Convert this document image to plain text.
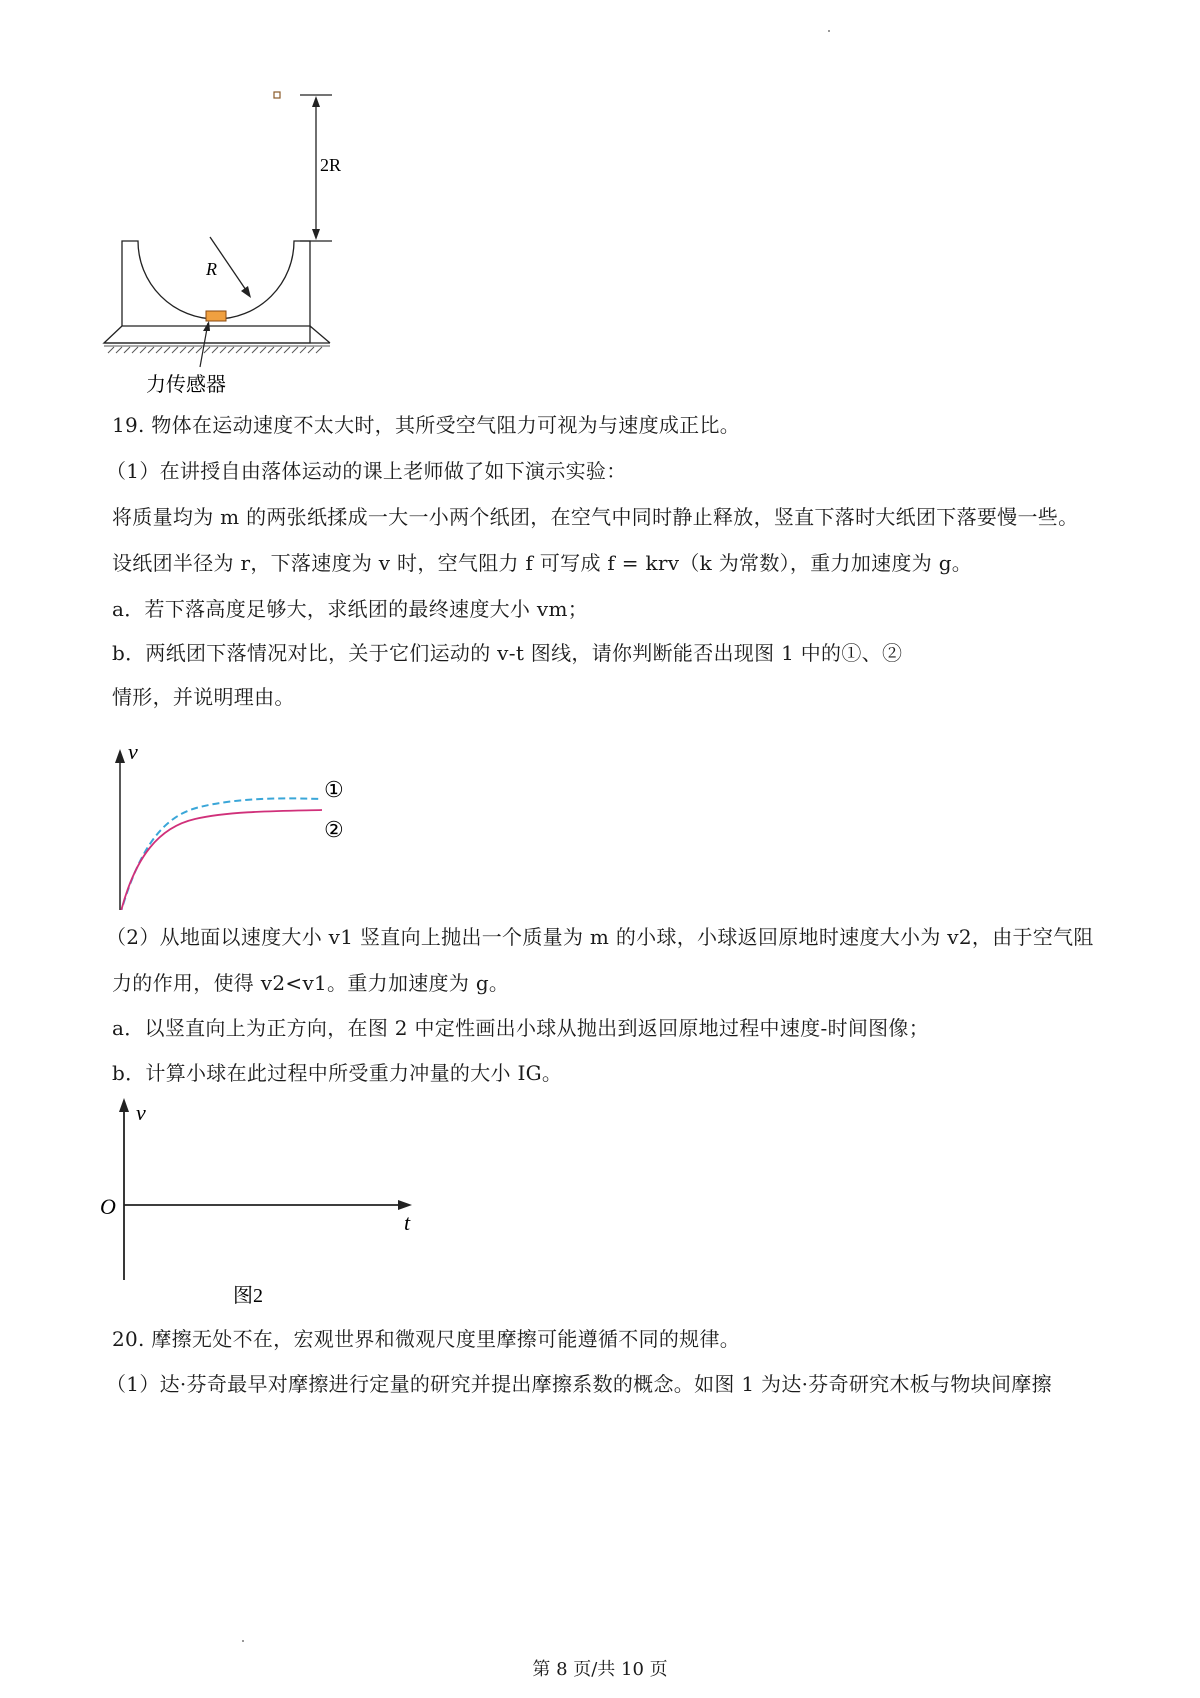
2R
R
力传感器
19. 物体在运动速度不太大时，其所受空气阻力可视为与速度成正比。
（1）在讲授自由落体运动的课上老师做了如下演示实验：
将质量均为 m 的两张纸揉成一大一小两个纸团，在空气中同时静止释放，竖直下落时大纸团下落要慢一些。
设纸团半径为 r，下落速度为 v 时，空气阻力 f 可写成 f = krv（k 为常数），重力加速度为 g。
a．若下落高度足够大，求纸团的最终速度大小 vm；
b．两纸团下落情况对比，关于它们运动的 v-t 图线，请你判断能否出现图 1 中的①、②
情形，并说明理由。
v
①
②
（2）从地面以速度大小 v1 竖直向上抛出一个质量为 m 的小球，小球返回原地时速度大小为 v2，由于空气阻
力的作用，使得 v2<v1。重力加速度为 g。
a．以竖直向上为正方向，在图 2 中定性画出小球从抛出到返回原地过程中速度-时间图像；
b．计算小球在此过程中所受重力冲量的大小 IG。
v
t
O
图2
20. 摩擦无处不在，宏观世界和微观尺度里摩擦可能遵循不同的规律。
（1）达·芬奇最早对摩擦进行定量的研究并提出摩擦系数的概念。如图 1 为达·芬奇研究木板与物块间摩擦
第 8 页/共 10 页
